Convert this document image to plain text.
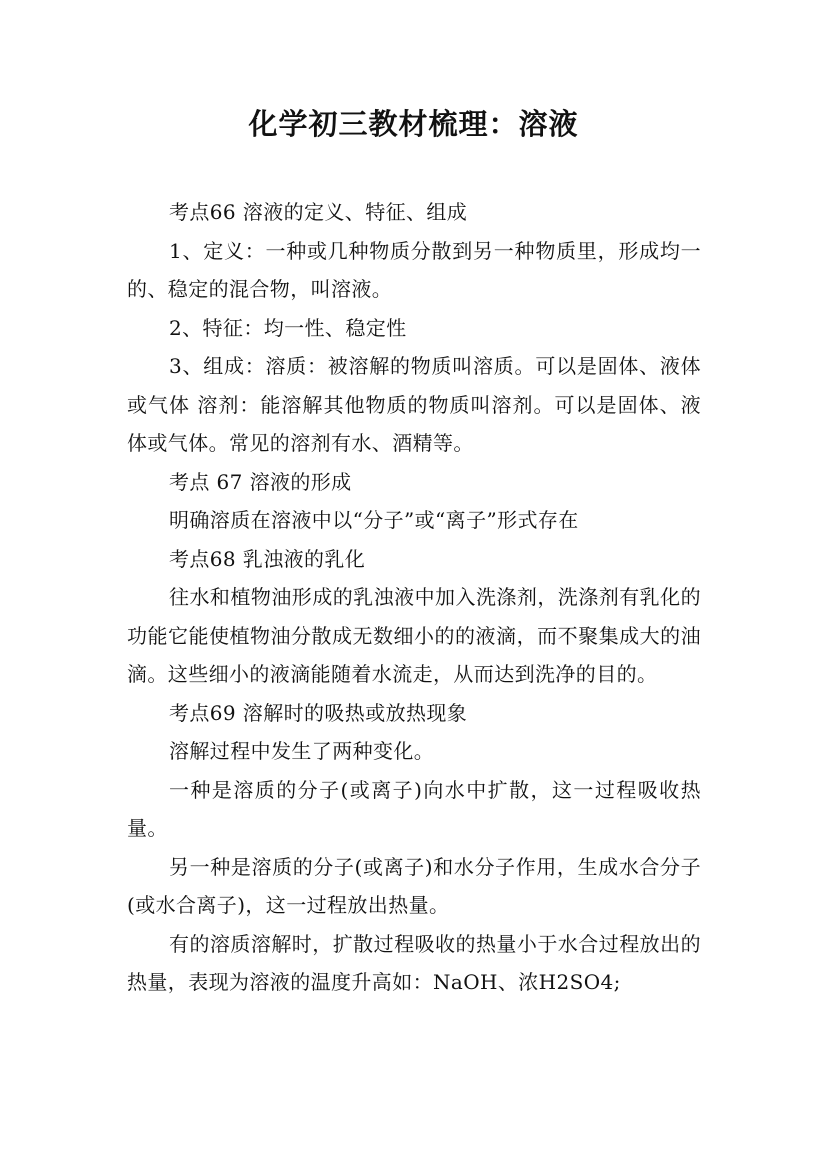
化学初三教材梳理：溶液

考点66 溶液的定义、特征、组成

1、定义：一种或几种物质分散到另一种物质里，形成均一的、稳定的混合物，叫溶液。

2、特征：均一性、稳定性

3、组成：溶质：被溶解的物质叫溶质。可以是固体、液体或气体 溶剂：能溶解其他物质的物质叫溶剂。可以是固体、液体或气体。常见的溶剂有水、酒精等。

考点 67 溶液的形成

明确溶质在溶液中以“分子”或“离子”形式存在

考点68 乳浊液的乳化

往水和植物油形成的乳浊液中加入洗涤剂，洗涤剂有乳化的功能它能使植物油分散成无数细小的的液滴，而不聚集成大的油滴。这些细小的液滴能随着水流走，从而达到洗净的目的。

考点69 溶解时的吸热或放热现象

溶解过程中发生了两种变化。

一种是溶质的分子(或离子)向水中扩散，这一过程吸收热量。

另一种是溶质的分子(或离子)和水分子作用，生成水合分子(或水合离子)，这一过程放出热量。

有的溶质溶解时，扩散过程吸收的热量小于水合过程放出的热量，表现为溶液的温度升高如：NaOH、浓H2SO4;
